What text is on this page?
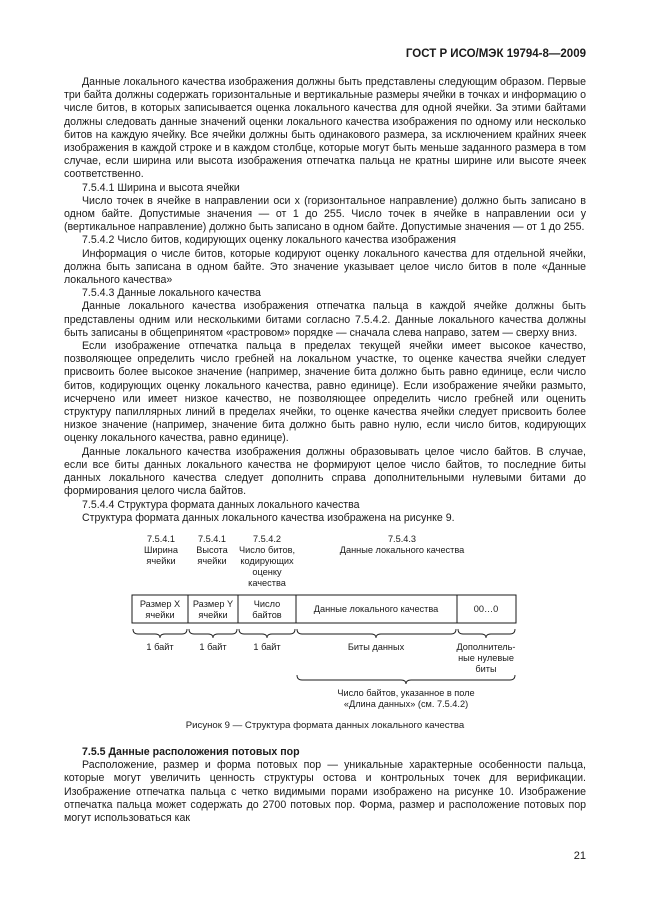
ГОСТ Р ИСО/МЭК 19794-8—2009

Данные локального качества изображения должны быть представлены следующим образом. Первые три байта должны содержать горизонтальные и вертикальные размеры ячейки в точках и информацию о числе битов, в которых записывается оценка локального качества для одной ячейки. За этими байтами должны следовать данные значений оценки локального качества изображения по одному или несколько битов на каждую ячейку. Все ячейки должны быть одинакового размера, за исключением крайних ячеек изображения в каждой строке и в каждом столбце, которые могут быть меньше заданного размера в том случае, если ширина или высота изображения отпечатка пальца не кратны ширине или высоте ячеек соответственно.

7.5.4.1 Ширина и высота ячейки

Число точек в ячейке в направлении оси x (горизонтальное направление) должно быть записано в одном байте. Допустимые значения — от 1 до 255. Число точек в ячейке в направлении оси y (вертикальное направление) должно быть записано в одном байте. Допустимые значения — от 1 до 255.

7.5.4.2 Число битов, кодирующих оценку локального качества изображения

Информация о числе битов, которые кодируют оценку локального качества для отдельной ячейки, должна быть записана в одном байте. Это значение указывает целое число битов в поле «Данные локального качества»

7.5.4.3 Данные локального качества

Данные локального качества изображения отпечатка пальца в каждой ячейке должны быть представлены одним или несколькими битами согласно 7.5.4.2. Данные локального качества должны быть записаны в общепринятом «растровом» порядке — сначала слева направо, затем — сверху вниз.

Если изображение отпечатка пальца в пределах текущей ячейки имеет высокое качество, позволяющее определить число гребней на локальном участке, то оценке качества ячейки следует присвоить более высокое значение (например, значение бита должно быть равно единице, если число битов, кодирующих оценку локального качества, равно единице). Если изображение ячейки размыто, исчерчено или имеет низкое качество, не позволяющее определить число гребней или оценить структуру папиллярных линий в пределах ячейки, то оценке качества ячейки следует присвоить более низкое значение (например, значение бита должно быть равно нулю, если число битов, кодирующих оценку локального качества, равно единице).

Данные локального качества изображения должны образовывать целое число байтов. В случае, если все биты данных локального качества не формируют целое число байтов, то последние биты данных локального качества следует дополнить справа дополнительными нулевыми битами до формирования целого числа байтов.

7.5.4.4 Структура формата данных локального качества

Структура формата данных локального качества изображена на рисунке 9.

7.5.4.1
Ширина
ячейки
7.5.4.1
Высота
ячейки
7.5.4.2
Число битов,
кодирующих
оценку
качества
7.5.4.3
Данные локального качества
Размер X
ячейки
Размер Y
ячейки
Число
байтов
Данные локального качества	00…0
1 байт	1 байт	1 байт	Биты данных	Дополнитель-
ные нулевые
биты
Число байтов, указанное в поле
«Длина данных» (см. 7.5.4.2)
Рисунок 9 — Структура формата данных локального качества

7.5.5 Данные расположения потовых пор

Расположение, размер и форма потовых пор — уникальные характерные особенности пальца, которые могут увеличить ценность структуры остова и контрольных точек для верификации. Изображение отпечатка пальца с четко видимыми порами изображено на рисунке 10. Изображение отпечатка пальца может содержать до 2700 потовых пор. Форма, размер и расположение потовых пор могут использоваться как

21
